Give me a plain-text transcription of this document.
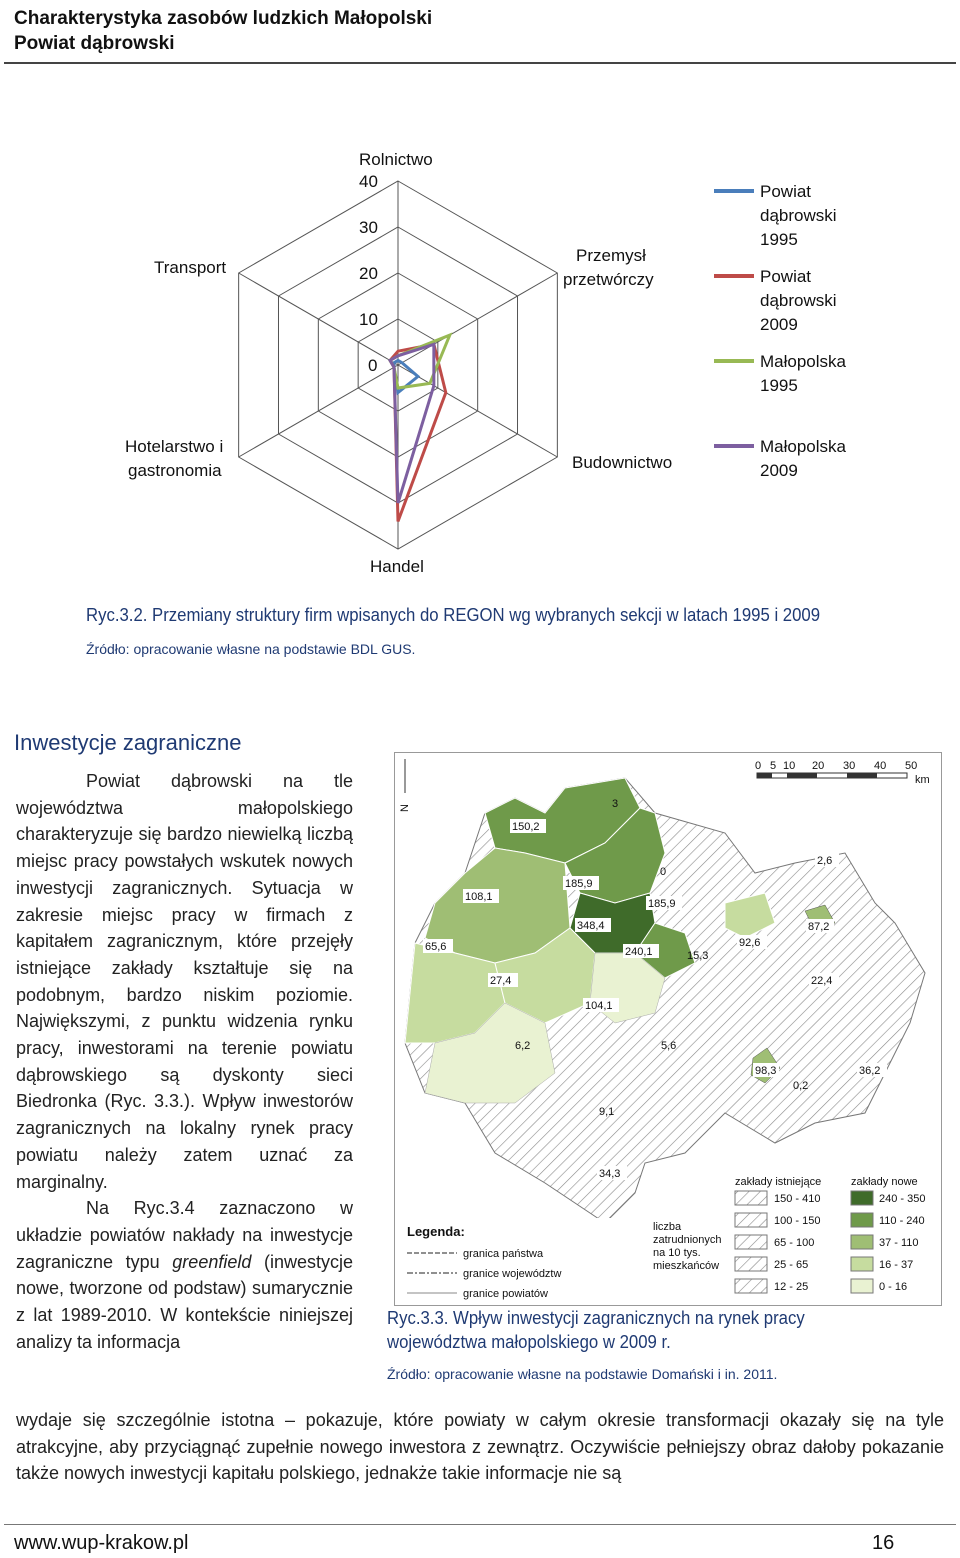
Charakterystyka zasobów ludzkich Małopolski
Powiat dąbrowski
Rolnictwo
Przemysł
przetwórczy
Budownictwo
Handel
Hotelarstwo i
gastronomia
Transport
40
30
20
10
0
Powiat
dąbrowski
1995
Powiat
dąbrowski
2009
Małopolska
1995
Małopolska
2009
Ryc.3.2. Przemiany struktury firm wpisanych do REGON wg wybranych sekcji w latach 1995 i 2009
Źródło: opracowanie własne na podstawie BDL GUS.
Inwestycje zagraniczne

Powiat dąbrowski na tle województwa małopolskiego charakteryzuje się bardzo niewielką liczbą miejsc pracy powstałych wskutek nowych inwestycji zagranicznych. Sytuacja w zakresie miejsc pracy w firmach z kapitałem zagranicznym, które przejęły istniejące zakłady kształtuje się na podobnym, bardzo niskim poziomie. Największymi, z punktu widzenia rynku pracy, inwestorami na terenie powiatu dąbrowskiego są dyskonty sieci Biedronka (Ryc. 3.3.). Wpływ inwestorów zagranicznych na lokalny rynek pracy powiatu należy zatem uznać za marginalny.

Na Ryc.3.4 zaznaczono w układzie powiatów nakłady na inwestycje zagraniczne typu greenfield (inwestycje nowe, tworzone od podstaw) sumarycznie z lat 1989-2010. W kontekście niniejszej analizy ta informacja

N
0 5 10 20 30 40 50
km
150,2
3
185,9
108,1
0
2,6
185,9
348,4	87,2
65,6	240,1
92,6
15,3
27,4	22,4
104,1
6,2	5,6
98,3	36,2
0,2
9,1
34,3
Legenda:
granica państwa
granice województw
granice powiatów
liczba
zatrudnionych
na 10 tys.
mieszkańców
zakłady istniejące	zakłady nowe
150 - 410	240 - 350
100 - 150	110 - 240
65 - 100	37 - 110
25 - 65	16 - 37
12 - 25	0 - 16
Ryc.3.3. Wpływ inwestycji zagranicznych na rynek pracy województwa małopolskiego w 2009 r.
Źródło: opracowanie własne na podstawie Domański i in. 2011.
wydaje się szczególnie istotna – pokazuje, które powiaty w całym okresie transformacji okazały się na tyle atrakcyjne, aby przyciągnąć zupełnie nowego inwestora z zewnątrz. Oczywiście pełniejszy obraz dałoby pokazanie także nowych inwestycji kapitału polskiego, jednakże takie informacje nie są
www.wup-krakow.pl	16
